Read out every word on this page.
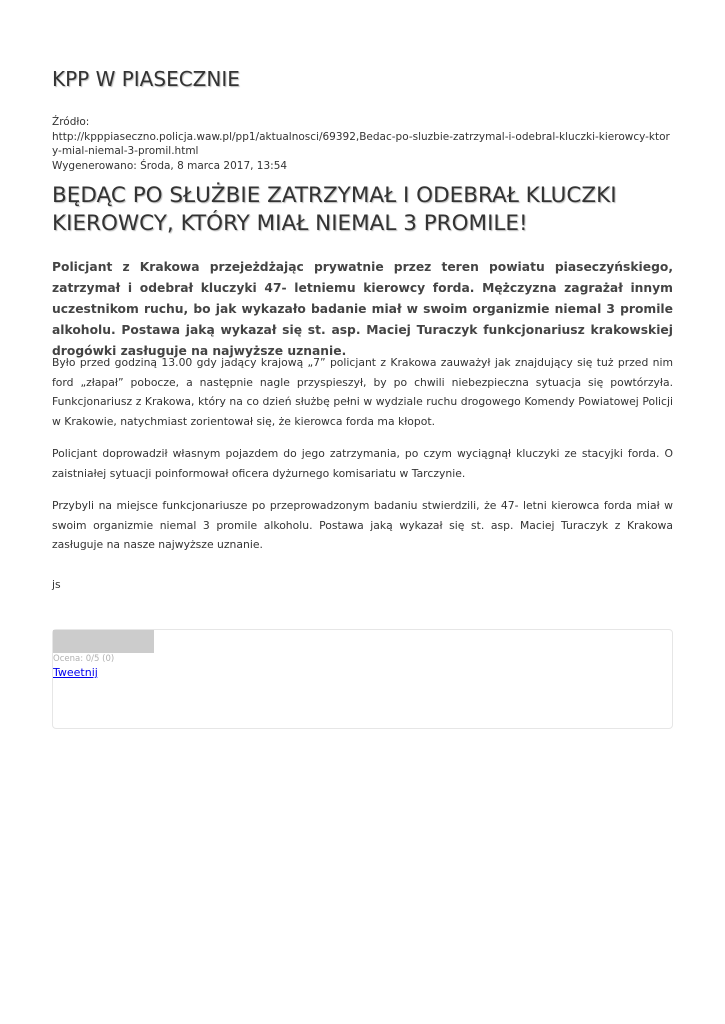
KPP W PIASECZNIE
Źródło:
http://kpppiaseczno.policja.waw.pl/pp1/aktualnosci/69392,Bedac-po-sluzbie-zatrzymal-i-odebral-kluczki-kierowcy-ktory-mial-niemal-3-promil.html
Wygenerowano: Środa, 8 marca 2017, 13:54
BĘDĄC PO SŁUŻBIE ZATRZYMAŁ I ODEBRAŁ KLUCZKI KIEROWCY, KTÓRY MIAŁ NIEMAL 3 PROMILE!

Policjant z Krakowa przejeżdżając prywatnie przez teren powiatu piaseczyńskiego, zatrzymał i odebrał kluczyki 47- letniemu kierowcy forda. Mężczyzna zagrażał innym uczestnikom ruchu, bo jak wykazało badanie miał w swoim organizmie niemal 3 promile alkoholu. Postawa jaką wykazał się st. asp. Maciej Turaczyk funkcjonariusz krakowskiej drogówki zasługuje na najwyższe uznanie.

Było przed godziną 13.00 gdy jadący krajową „7” policjant z Krakowa zauważył jak znajdujący się tuż przed nim ford „złapał” pobocze, a następnie nagle przyspieszył, by po chwili niebezpieczna sytuacja się powtórzyła. Funkcjonariusz z Krakowa, który na co dzień służbę pełni w wydziale ruchu drogowego Komendy Powiatowej Policji w Krakowie, natychmiast zorientował się, że kierowca forda ma kłopot.

Policjant doprowadził własnym pojazdem do jego zatrzymania, po czym wyciągnął kluczyki ze stacyjki forda. O zaistniałej sytuacji poinformował oficera dyżurnego komisariatu w Tarczynie.

Przybyli na miejsce funkcjonariusze po przeprowadzonym badaniu stwierdzili, że 47- letni kierowca forda miał w swoim organizmie niemal 3 promile alkoholu. Postawa jaką wykazał się st. asp. Maciej Turaczyk z Krakowa zasługuje na nasze najwyższe uznanie.

js
Ocena: 0/5 (0)
Tweetnij
